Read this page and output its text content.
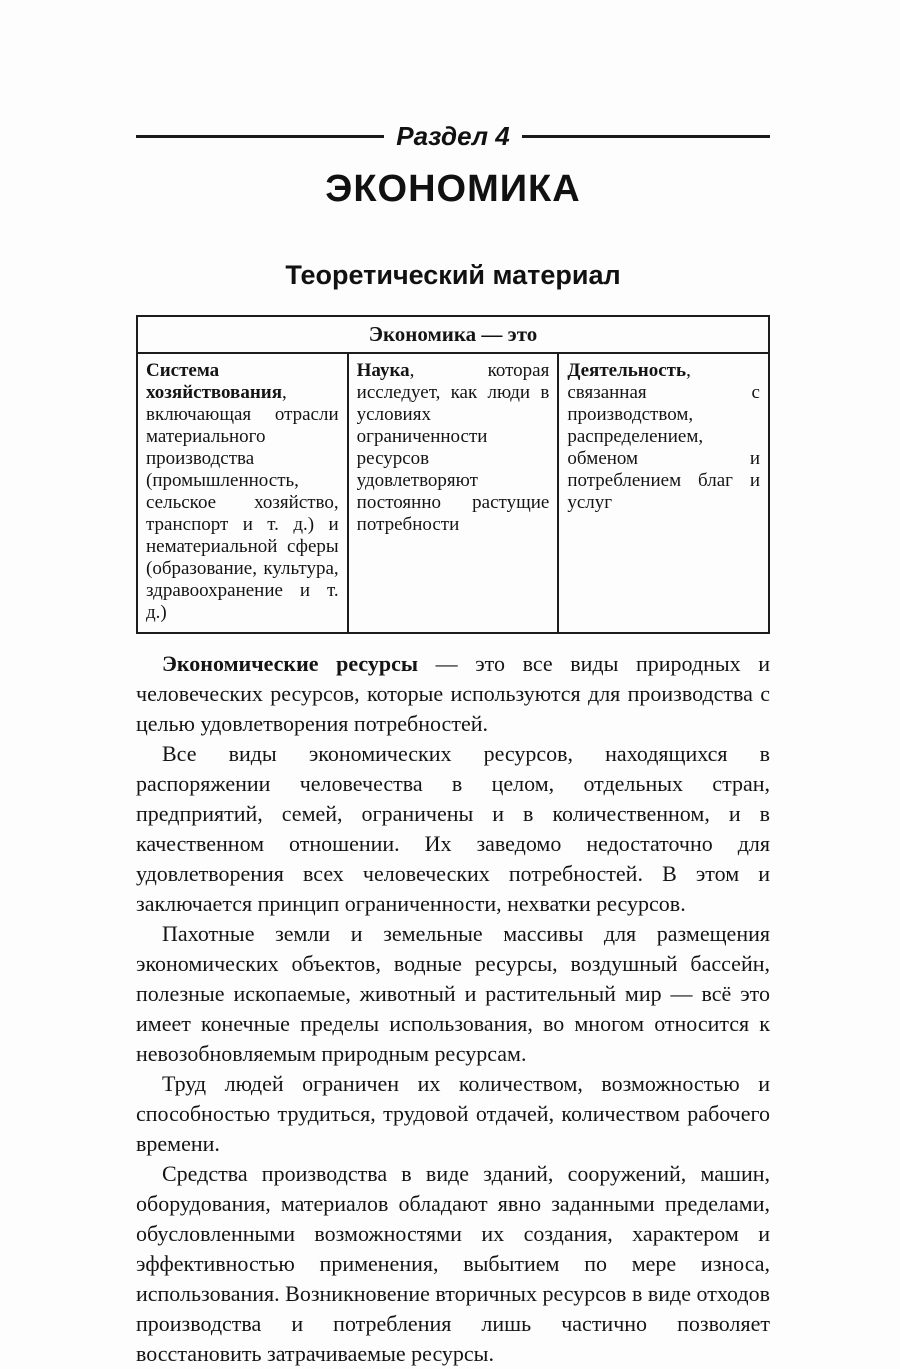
Раздел 4
ЭКОНОМИКА
Теоретический материал
Экономика — это
Система хозяйствования, включающая отрасли материального производства (промышленность, сельское хозяйство, транспорт и т. д.) и нематериальной сферы (образование, культура, здравоохранение и т. д.)	Наука, которая исследует, как люди в условиях ограниченности ресурсов удовлетворяют постоянно растущие потребности	Деятельность, связанная с производством, распределением, обменом и потреблением благ и услуг

Экономические ресурсы — это все виды природных и человеческих ресурсов, которые используются для производства с целью удовлетворения потребностей.

Все виды экономических ресурсов, находящихся в распоряжении человечества в целом, отдельных стран, предприятий, семей, ограничены и в количественном, и в качественном отношении. Их заведомо недостаточно для удовлетворения всех человеческих потребностей. В этом и заключается принцип ограниченности, нехватки ресурсов.

Пахотные земли и земельные массивы для размещения экономических объектов, водные ресурсы, воздушный бассейн, полезные ископаемые, животный и растительный мир — всё это имеет конечные пределы использования, во многом относится к невозобновляемым природным ресурсам.

Труд людей ограничен их количеством, возможностью и способностью трудиться, трудовой отдачей, количеством рабочего времени.

Средства производства в виде зданий, сооружений, машин, оборудования, материалов обладают явно заданными пределами, обусловленными возможностями их создания, характером и эффективностью применения, выбытием по мере износа, использования. Возникновение вторичных ресурсов в виде отходов производства и потребления лишь частично позволяет восстановить затрачиваемые ресурсы.
